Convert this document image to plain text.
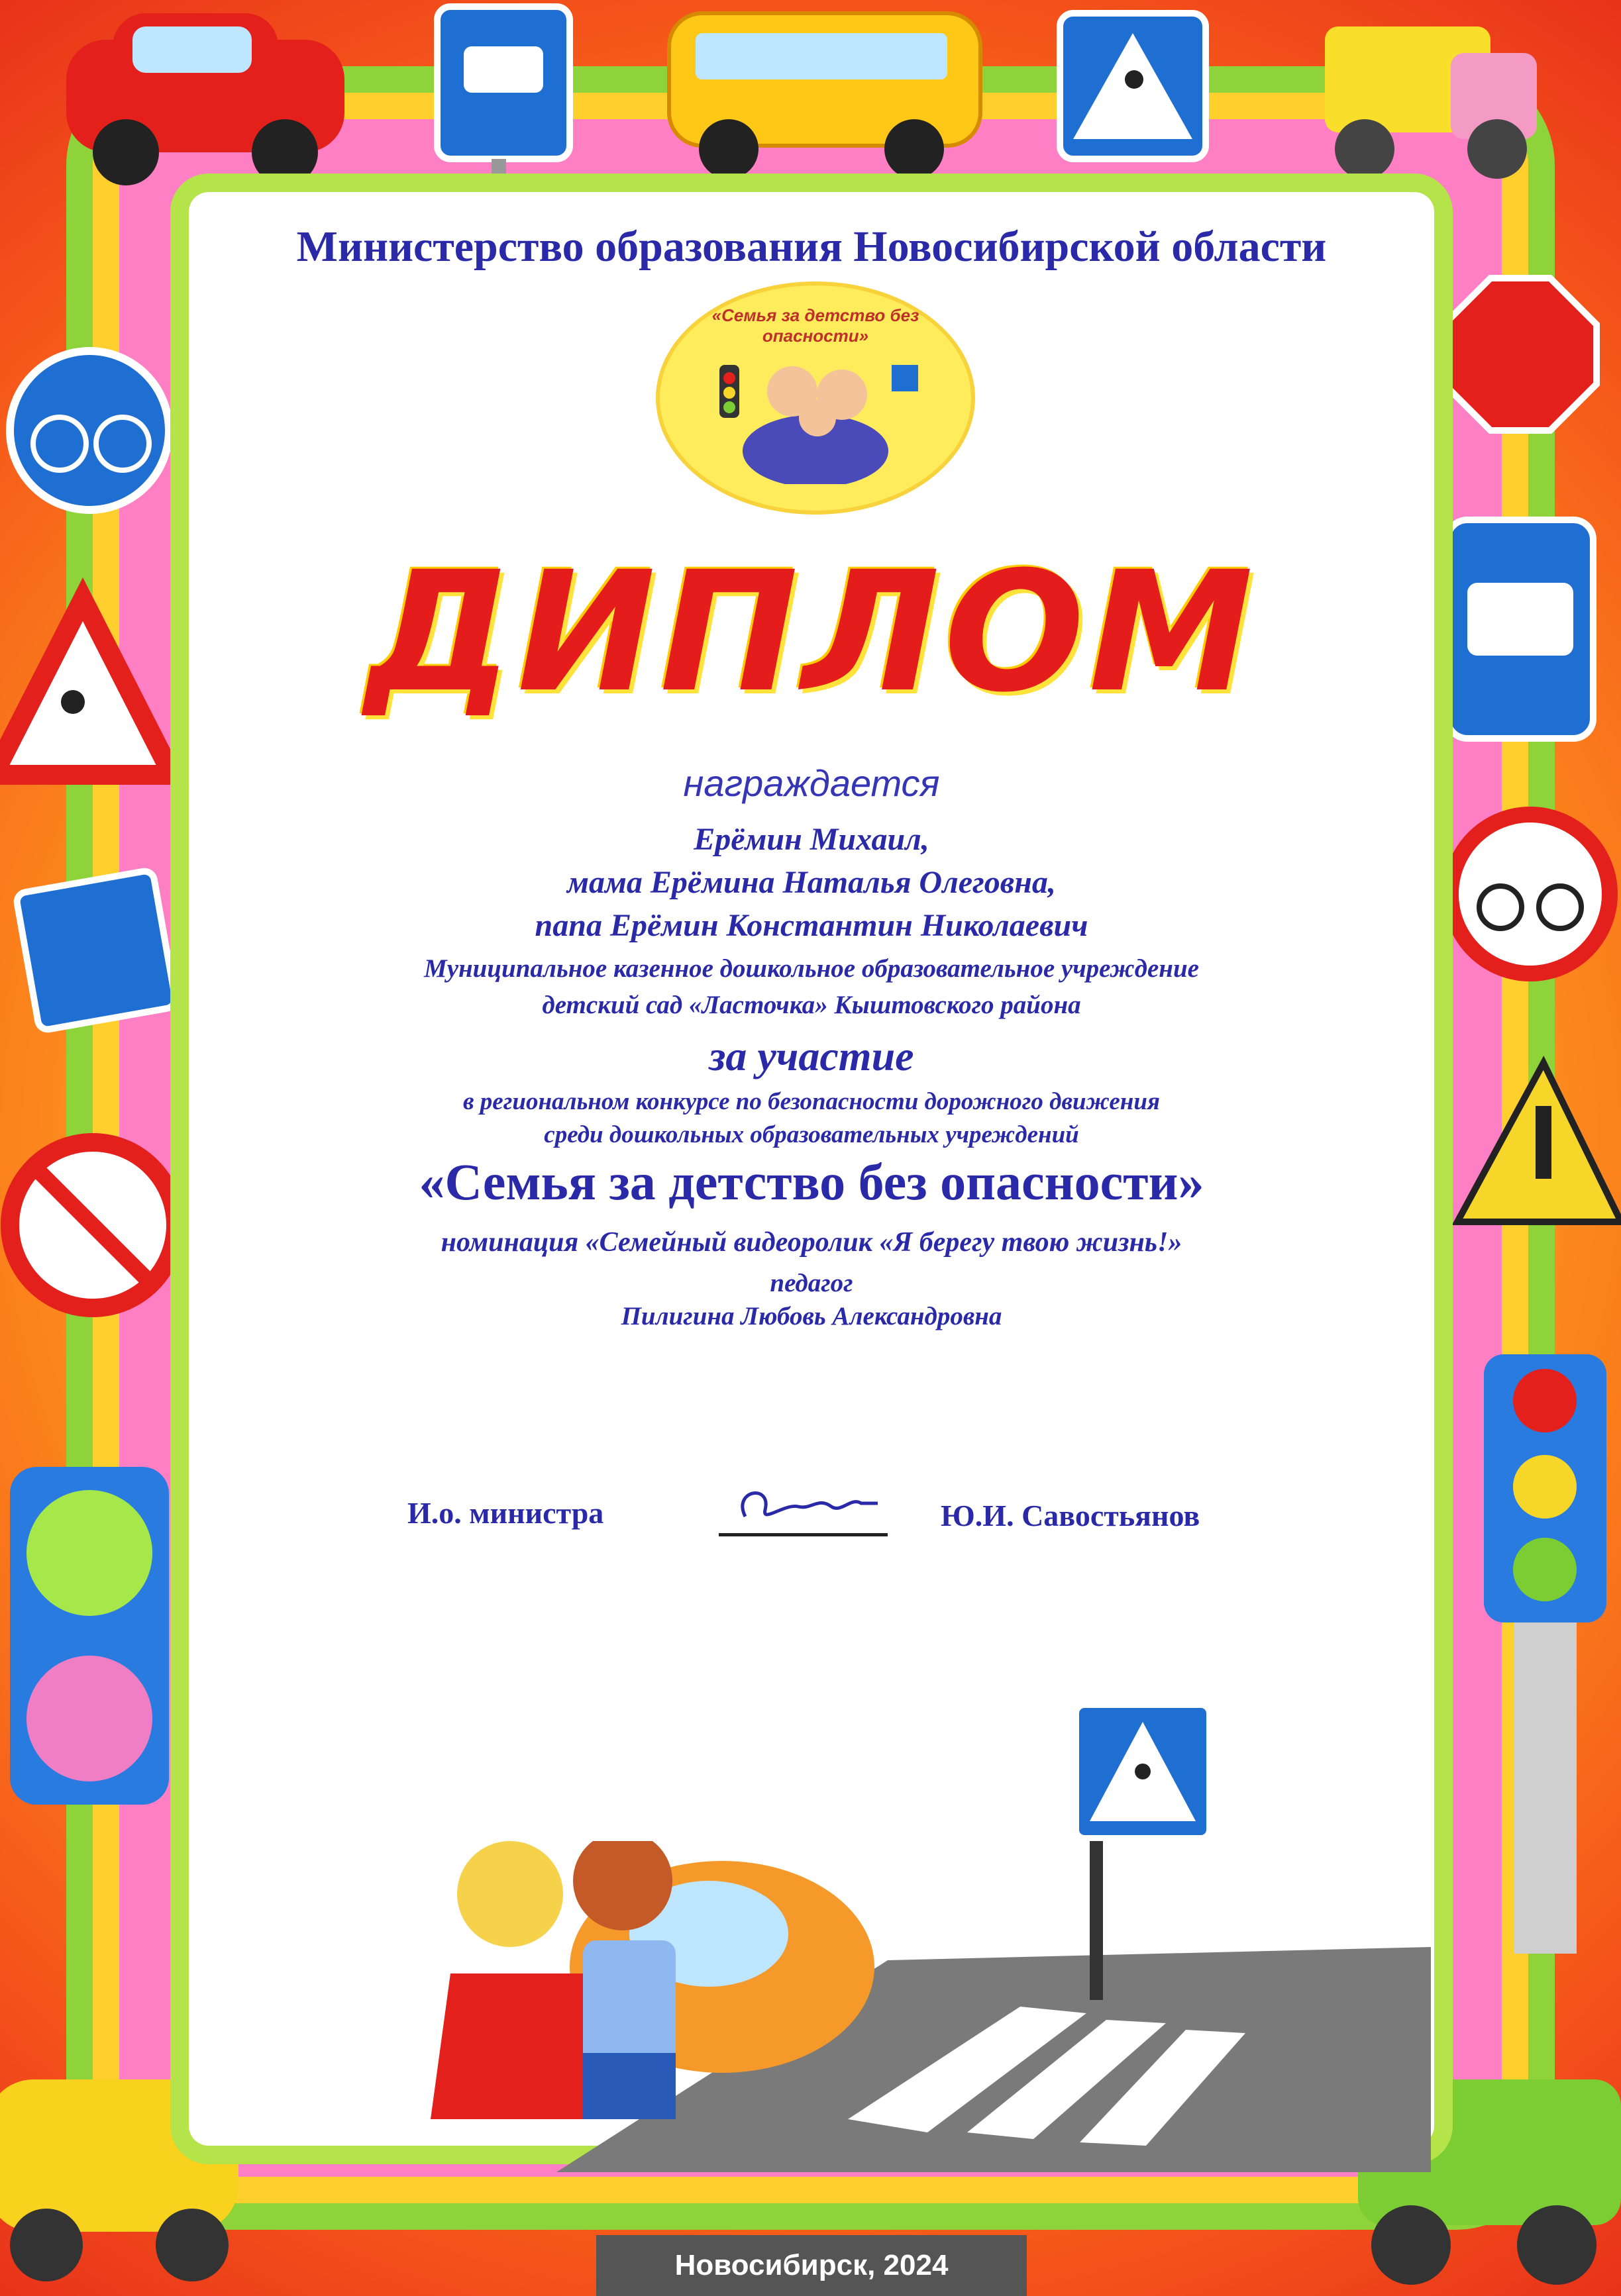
Министерство образования Новосибирской области
«Семья за детство без опасности»
ДИПЛОМ
награждается
Ерёмин Михаил,
мама Ерёмина Наталья Олеговна,
папа Ерёмин Константин Николаевич
Муниципальное казенное дошкольное образовательное учреждение
детский сад «Ласточка» Кыштовского района
за участие
в региональном конкурсе по безопасности дорожного движения
среди дошкольных образовательных учреждений
«Семья за детство без опасности»
номинация «Семейный видеоролик «Я берегу твою жизнь!»
педагог
Пилигина Любовь Александровна
И.о. министра	Ю.И. Савостьянов
Новосибирск, 2024
